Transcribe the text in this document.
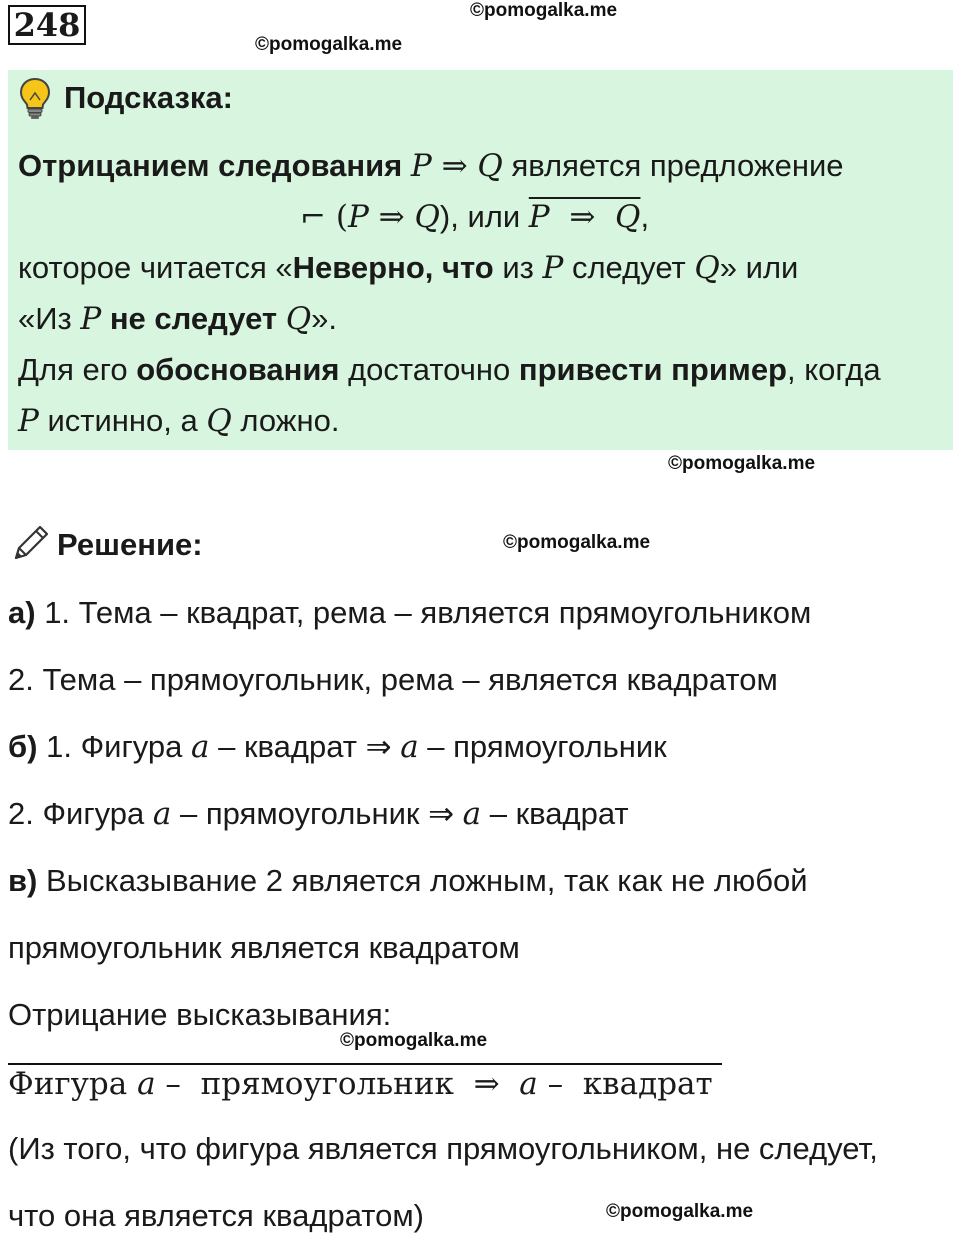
248	©pomogalka.me
©pomogalka.me
Подсказка:
Отрицанием следования P ⇒ Q является предложение
⌐ (P ⇒ Q), или P  ⇒  Q,
которое читается «Неверно, что из P следует Q» или
«Из P не следует Q».
Для его обоснования достаточно привести пример, когда
P истинно, а Q ложно.
©pomogalka.me
Решение:	©pomogalka.me
а) 1. Тема – квадрат, рема – является прямоугольником
2. Тема – прямоугольник, рема – является квадратом
б) 1. Фигура a – квадрат ⇒ a – прямоугольник
2. Фигура a – прямоугольник ⇒ a – квадрат
в) Высказывание 2 является ложным, так как не любой
прямоугольник является квадратом
Отрицание высказывания:
©pomogalka.me
Фигура a –  прямоугольник  ⇒  a –  квадрат
(Из того, что фигура является прямоугольником, не следует,
что она является квадратом)	©pomogalka.me
